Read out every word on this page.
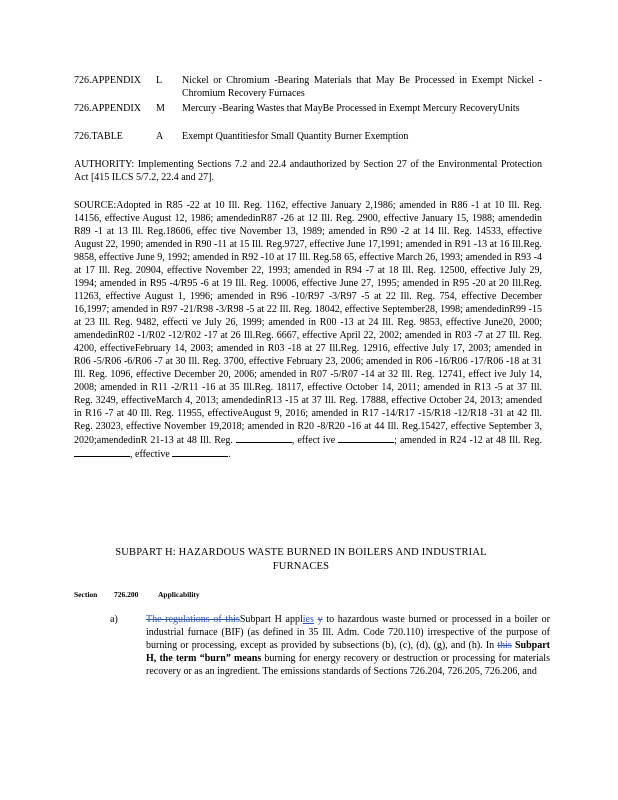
726.APPENDIX	L	Nickel or Chromium -Bearing Materials that May Be Processed in Exempt Nickel - Chromium Recovery Furnaces
726.APPENDIX	M	Mercury -Bearing Wastes that MayBe Processed in Exempt Mercury RecoveryUnits
726.TABLE	A	Exempt Quantitiesfor Small Quantity Burner Exemption
AUTHORITY: Implementing Sections 7.2 and 22.4 andauthorized by Section 27 of the Environmental Protection Act [415 ILCS 5/7.2, 22.4 and 27].
SOURCE:Adopted in R85 -22 at 10 Ill. Reg. 1162, effective January 2,1986; amended in R86 -1 at 10 Ill. Reg. 14156, effective August 12, 1986; amendedinR87 -26 at 12 Ill. Reg. 2900, effective January 15, 1988; amendedin R89 -1 at 13 Ill. Reg.18606, effec tive November 13, 1989; amended in R90 -2 at 14 Ill. Reg. 14533, effective August 22, 1990; amended in R90 -11 at 15 Ill. Reg.9727, effective June 17,1991; amended in R91 -13 at 16 Ill.Reg. 9858, effective June 9, 1992; amended in R92 -10 at 17 Ill. Reg.58 65, effective March 26, 1993; amended in R93 -4 at 17 Ill. Reg. 20904, effective November 22, 1993; amended in R94 -7 at 18 Ill. Reg. 12500, effective July 29, 1994; amended in R95 -4/R95 -6 at 19 Ill. Reg. 10006, effective June 27, 1995; amended in R95 -20 at 20 Ill.Reg. 11263, effective August 1, 1996; amended in R96 -10/R97 -3/R97 -5 at 22 Ill. Reg. 754, effective December 16,1997; amended in R97 -21/R98 -3/R98 -5 at 22 Ill. Reg. 18042, effective September28, 1998; amendedinR99 -15 at 23 Ill. Reg. 9482, effecti ve July 26, 1999; amended in R00 -13 at 24 Ill. Reg. 9853, effective June20, 2000; amendedinR02 -1/R02 -12/R02 -17 at 26 Ill.Reg. 6667, effective April 22, 2002; amended in R03 -7 at 27 Ill. Reg. 4200, effectiveFebruary 14, 2003; amended in R03 -18 at 27 Ill.Reg. 12916, effective July 17, 2003; amended in R06 -5/R06 -6/R06 -7 at 30 Ill. Reg. 3700, effective February 23, 2006; amended in R06 -16/R06 -17/R06 -18 at 31 Ill. Reg. 1096, effective December 20, 2006; amended in R07 -5/R07 -14 at 32 Ill. Reg. 12741, effect ive July 14, 2008; amended in R11 -2/R11 -16 at 35 Ill.Reg. 18117, effective October 14, 2011; amended in R13 -5 at 37 Ill. Reg. 3249, effectiveMarch 4, 2013; amendedinR13 -15 at 37 Ill. Reg. 17888, effective October 24, 2013; amended in R16 -7 at 40 Ill. Reg. 11955, effectiveAugust 9, 2016; amended in R17 -14/R17 -15/R18 -12/R18 -31 at 42 Ill. Reg. 23023, effective November 19,2018; amended in R20 -8/R20 -16 at 44 Ill. Reg.15427, effective September 3, 2020;amendedinR 21-13 at 48 Ill. Reg.	, effect ive	; amended in R24 -12 at 48 Ill. Reg. , effective	.
SUBPART H: HAZARDOUS WASTE BURNED IN BOILERS AND INDUSTRIAL
FURNACES
Section 726.200	Applicability
a)	The regulations of thisSubpart H applies y to hazardous waste burned or processed in a boiler or industrial furnace (BIF) (as defined in 35 Ill. Adm. Code 720.110) irrespective of the purpose of burning or processing, except as provided by subsections (b), (c), (d), (g), and (h). In this Subpart H, the term “burn” means burning for energy recovery or destruction or processing for materials recovery or as an ingredient. The emissions standards of Sections 726.204, 726.205, 726.206, and
